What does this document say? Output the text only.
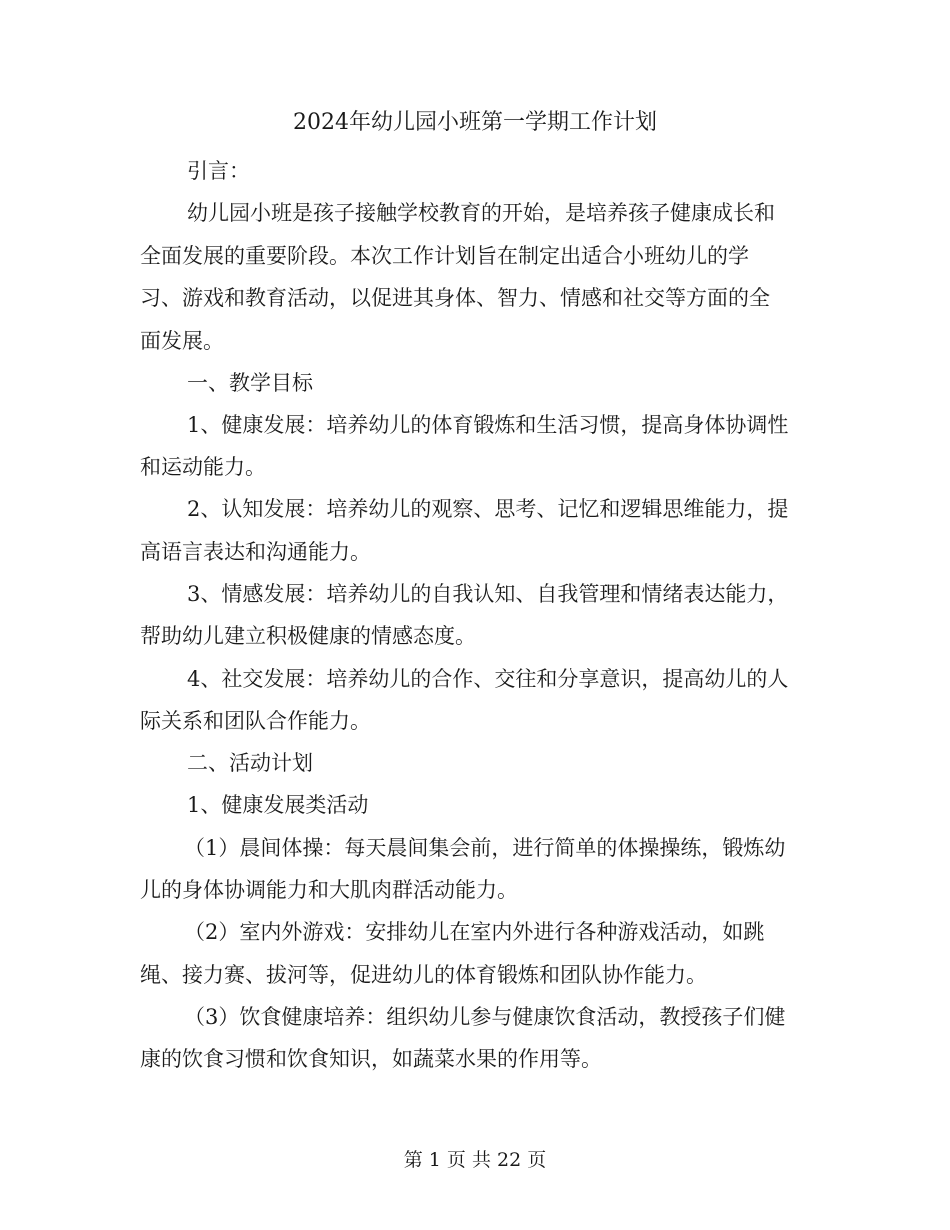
2024年幼儿园小班第一学期工作计划
引言：
幼儿园小班是孩子接触学校教育的开始，是培养孩子健康成长和
全面发展的重要阶段。本次工作计划旨在制定出适合小班幼儿的学
习、游戏和教育活动，以促进其身体、智力、情感和社交等方面的全
面发展。
一、教学目标
1、健康发展：培养幼儿的体育锻炼和生活习惯，提高身体协调性
和运动能力。
2、认知发展：培养幼儿的观察、思考、记忆和逻辑思维能力，提
高语言表达和沟通能力。
3、情感发展：培养幼儿的自我认知、自我管理和情绪表达能力，
帮助幼儿建立积极健康的情感态度。
4、社交发展：培养幼儿的合作、交往和分享意识，提高幼儿的人
际关系和团队合作能力。
二、活动计划
1、健康发展类活动
（1）晨间体操：每天晨间集会前，进行简单的体操操练，锻炼幼
儿的身体协调能力和大肌肉群活动能力。
（2）室内外游戏：安排幼儿在室内外进行各种游戏活动，如跳
绳、接力赛、拔河等，促进幼儿的体育锻炼和团队协作能力。
（3）饮食健康培养：组织幼儿参与健康饮食活动，教授孩子们健
康的饮食习惯和饮食知识，如蔬菜水果的作用等。
第 1 页 共 22 页
